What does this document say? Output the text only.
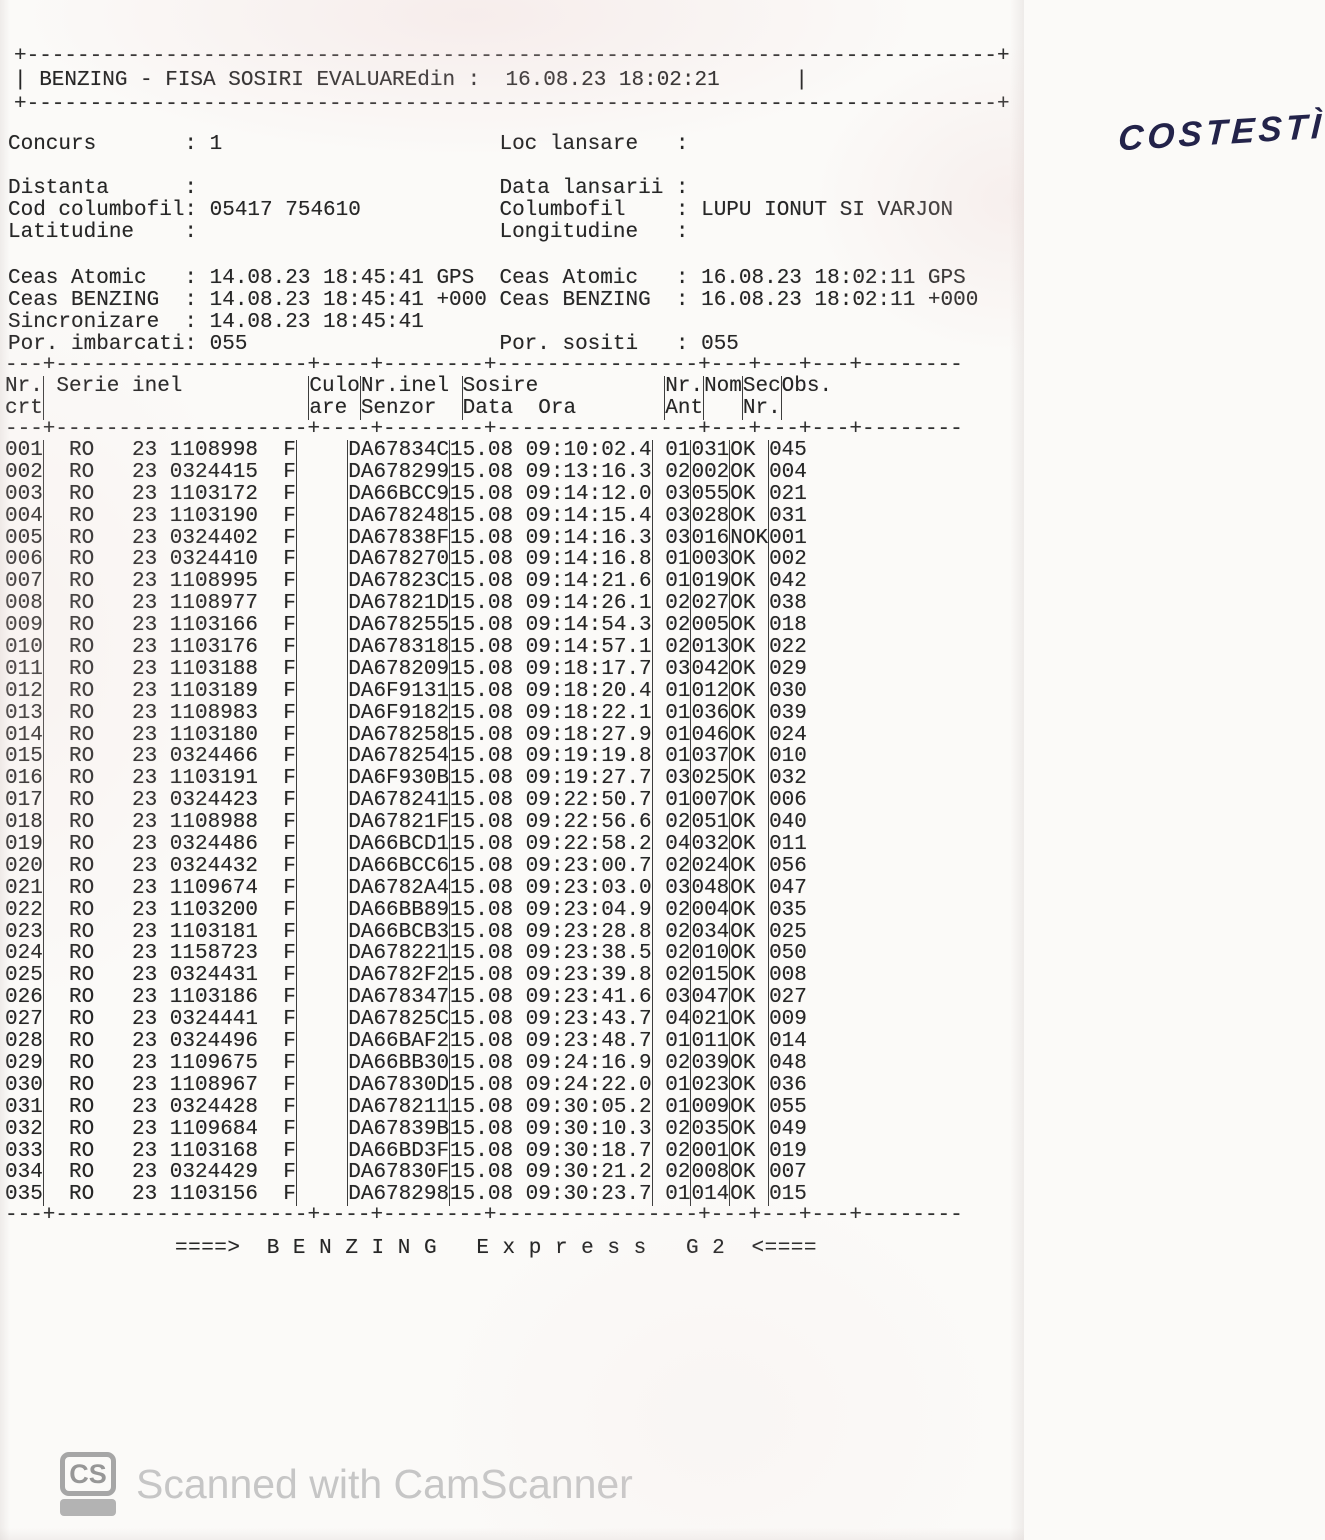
+-----------------------------------------------------------------------------+
| BENZING - FISA SOSIRI EVALUARE din : 16.08.23 18:02:21	|
+-----------------------------------------------------------------------------+
Concurs	: 1	Loc lansare	:	COSTESTÌ
Distanta	:	Data lansarii :
Cod columbofil : 05417 754610	Columbofil	: LUPU IONUT SI VARJON
Latitudine	:	Longitudine	:
Ceas Atomic	: 14.08.23 18:45:41 GPS	Ceas Atomic	: 16.08.23 18:02:11 GPS
Ceas BENZING	: 14.08.23 18:45:41 +000 Ceas BENZING	: 16.08.23 18:02:11 +000
Sincronizare	: 14.08.23 18:45:41
Por. imbarcati : 055	Por. sositi	: 055
---+--------------------+----+--------+----------------+---+---+---+--------
Nr. Serie inel	Culo Nr.inel Sosire	Nr. Nom Sec Obs.
crt	are Senzor	Data  Ora	Ant Nr.
---+--------------------+----+--------+----------------+---+---+---+--------
001 RO 23 1108998 F DA67834C 15.08 09:10:02.4 01 031 OK 045
002 RO 23 0324415 F DA678299 15.08 09:13:16.3 02 002 OK 004
003 RO 23 1103172 F DA66BCC9 15.08 09:14:12.0 03 055 OK 021
004 RO 23 1103190 F DA678248 15.08 09:14:15.4 03 028 OK 031
005 RO 23 0324402 F DA67838F 15.08 09:14:16.3 03 016 NOK 001
006 RO 23 0324410 F DA678270 15.08 09:14:16.8 01 003 OK 002
007 RO 23 1108995 F DA67823C 15.08 09:14:21.6 01 019 OK 042
008 RO 23 1108977 F DA67821D 15.08 09:14:26.1 02 027 OK 038
009 RO 23 1103166 F DA678255 15.08 09:14:54.3 02 005 OK 018
010 RO 23 1103176 F DA678318 15.08 09:14:57.1 02 013 OK 022
011 RO 23 1103188 F DA678209 15.08 09:18:17.7 03 042 OK 029
012 RO 23 1103189 F DA6F9131 15.08 09:18:20.4 01 012 OK 030
013 RO 23 1108983 F DA6F9182 15.08 09:18:22.1 01 036 OK 039
014 RO 23 1103180 F DA678258 15.08 09:18:27.9 01 046 OK 024
015 RO 23 0324466 F DA678254 15.08 09:19:19.8 01 037 OK 010
016 RO 23 1103191 F DA6F930B 15.08 09:19:27.7 03 025 OK 032
017 RO 23 0324423 F DA678241 15.08 09:22:50.7 01 007 OK 006
018 RO 23 1108988 F DA67821F 15.08 09:22:56.6 02 051 OK 040
019 RO 23 0324486 F DA66BCD1 15.08 09:22:58.2 04 032 OK 011
020 RO 23 0324432 F DA66BCC6 15.08 09:23:00.7 02 024 OK 056
021 RO 23 1109674 F DA6782A4 15.08 09:23:03.0 03 048 OK 047
022 RO 23 1103200 F DA66BB89 15.08 09:23:04.9 02 004 OK 035
023 RO 23 1103181 F DA66BCB3 15.08 09:23:28.8 02 034 OK 025
024 RO 23 1158723 F DA678221 15.08 09:23:38.5 02 010 OK 050
025 RO 23 0324431 F DA6782F2 15.08 09:23:39.8 02 015 OK 008
026 RO 23 1103186 F DA678347 15.08 09:23:41.6 03 047 OK 027
027 RO 23 0324441 F DA67825C 15.08 09:23:43.7 04 021 OK 009
028 RO 23 0324496 F DA66BAF2 15.08 09:23:48.7 01 011 OK 014
029 RO 23 1109675 F DA66BB30 15.08 09:24:16.9 02 039 OK 048
030 RO 23 1108967 F DA67830D 15.08 09:24:22.0 01 023 OK 036
031 RO 23 0324428 F DA678211 15.08 09:30:05.2 01 009 OK 055
032 RO 23 1109684 F DA67839B 15.08 09:30:10.3 02 035 OK 049
033 RO 23 1103168 F DA66BD3F 15.08 09:30:18.7 02 001 OK 019
034 RO 23 0324429 F DA67830F 15.08 09:30:21.2 02 008 OK 007
035 RO 23 1103156 F DA678298 15.08 09:30:23.7 01 014 OK 015
---+--------------------+----+--------+----------------+---+---+---+--------
====>  B E N Z I N G   E x p r e s s   G 2  <====
CS Scanned with CamScanner
